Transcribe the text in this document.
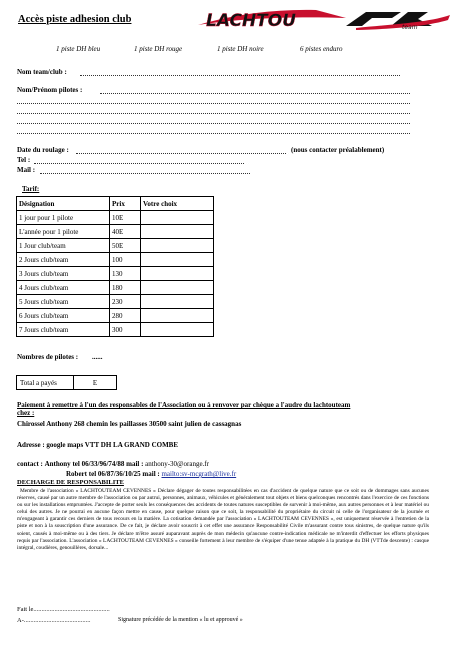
Accès piste adhesion club	LACHTOU	team
1 piste DH bleu	1 piste DH rouge	1 piste DH noire	6 pistes enduro
Nom team/club :
Nom/Prénom pilotes :
Date du roulage :	(nous contacter préalablement)
Tel :
Mail :
Tarif:
Désignation	Prix	Votre choix
1 jour pour 1 pilote	10E	
L'année pour 1 pilote	40E	
1 Jour club/team	50E	
2 Jours club/team	100	
3 Jours club/team	130	
4 Jours club/team	180	
5 Jours club/team	230	
6 Jours club/team	280	
7 Jours club/team	300	
Nombres de pilotes : ......
Total a payés	E
Paiement à remettre à l'un des responsables de l'Association ou à renvover par chèque a l'audre du lachtouteam
chez :
Chirossel Anthony 268 chemin les paillasses 30500 saint julien de cassagnas
Adresse : google maps VTT DH LA GRAND COMBE
contact : Anthony tel 06/33/96/74/88 mail : anthony-30@orange.fr
Robert tel 06/87/36/10/25 mail : mailto:sv-mcgrath@live.fr
DECHARGE DE RESPONSABILITE
Membre de l'association « LACHTOUTEAM CEVENNES » Déclare dégager de toutes responsabilitées en cas d'accident de quelque nature que ce soit ou de dommages sans aucunes réserves, causé par un autre membre de l'association ou par autrui, personnes, animaux, véhicules et généralement tout objets et biens quelconques rencontrés dans l'exercice de ces fonctions ou sur les installations empruntées. J'accepte de porter seuls les conséquences des accidents de toutes natures susceptibles de survenir à moi-même, aux autres personnes et à leur matériel ou celui des autres. Je ne pourrai en aucune façon mettre en cause, pour quelque raison que ce soit, la responsabilité du propriétaire du circuit ni celle de l'organisateur de la journée et m'engageant à garantir ces derniers de tous recours en la matière. La cotisation demandée par l'association « LACHTOUTEAM CEVENNES », est uniquement réservée à l'entretien de la piste et non à la souscription d'une assurance. De ce fait, je déclare avoir souscrit à cet effet une assurance Responsabilité Civile m'assurant contre tous sinistres, de quelque nature qu'ils soient, causés à moi-même ou à des tiers. Je déclare m'être assuré auparavant auprès de mon médecin qu'aucune contre-indication médicale ne m'interdit d'effectuer les efforts physiques requis par l'association. L'association « LACHTOUTEAM CEVENNES » conseille fortement à leur membre de s'équiper d'une tenue adaptée à la pratique du DH (VTTde descente) : casque intégral, coudières, genouillères, dorsale...
Fait le...............................................
A-.........................................	Signature précédée de la mention « lu et approuvé »
